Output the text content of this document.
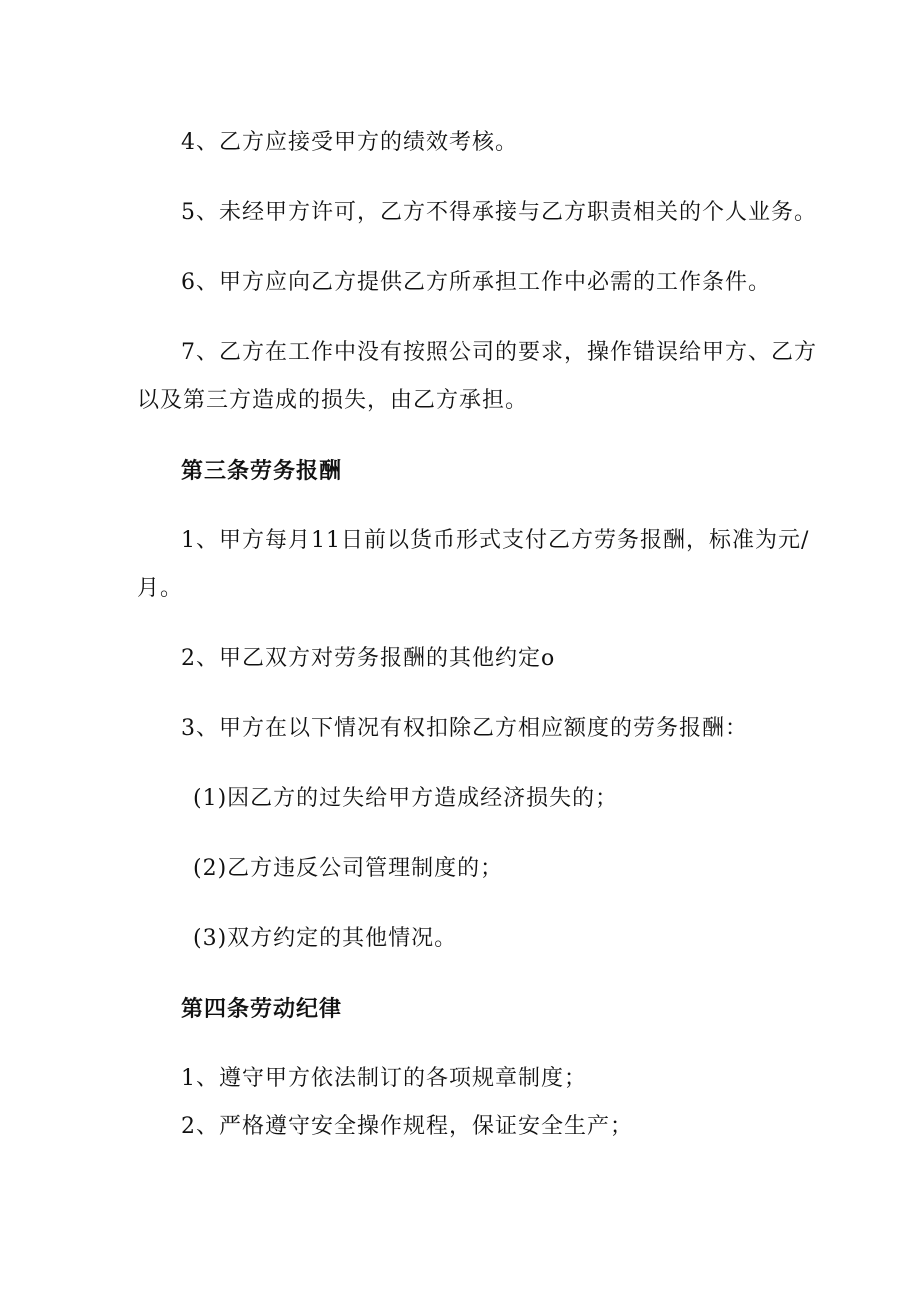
4、乙方应接受甲方的绩效考核。
5、未经甲方许可，乙方不得承接与乙方职责相关的个人业务。
6、甲方应向乙方提供乙方所承担工作中必需的工作条件。
7、乙方在工作中没有按照公司的要求，操作错误给甲方、乙方
以及第三方造成的损失，由乙方承担。
第三条劳务报酬
1、甲方每月11日前以货币形式支付乙方劳务报酬，标准为元/
月。
2、甲乙双方对劳务报酬的其他约定o
3、甲方在以下情况有权扣除乙方相应额度的劳务报酬：
(1)因乙方的过失给甲方造成经济损失的；
(2)乙方违反公司管理制度的；
(3)双方约定的其他情况。
第四条劳动纪律
1、遵守甲方依法制订的各项规章制度；
2、严格遵守安全操作规程，保证安全生产；
